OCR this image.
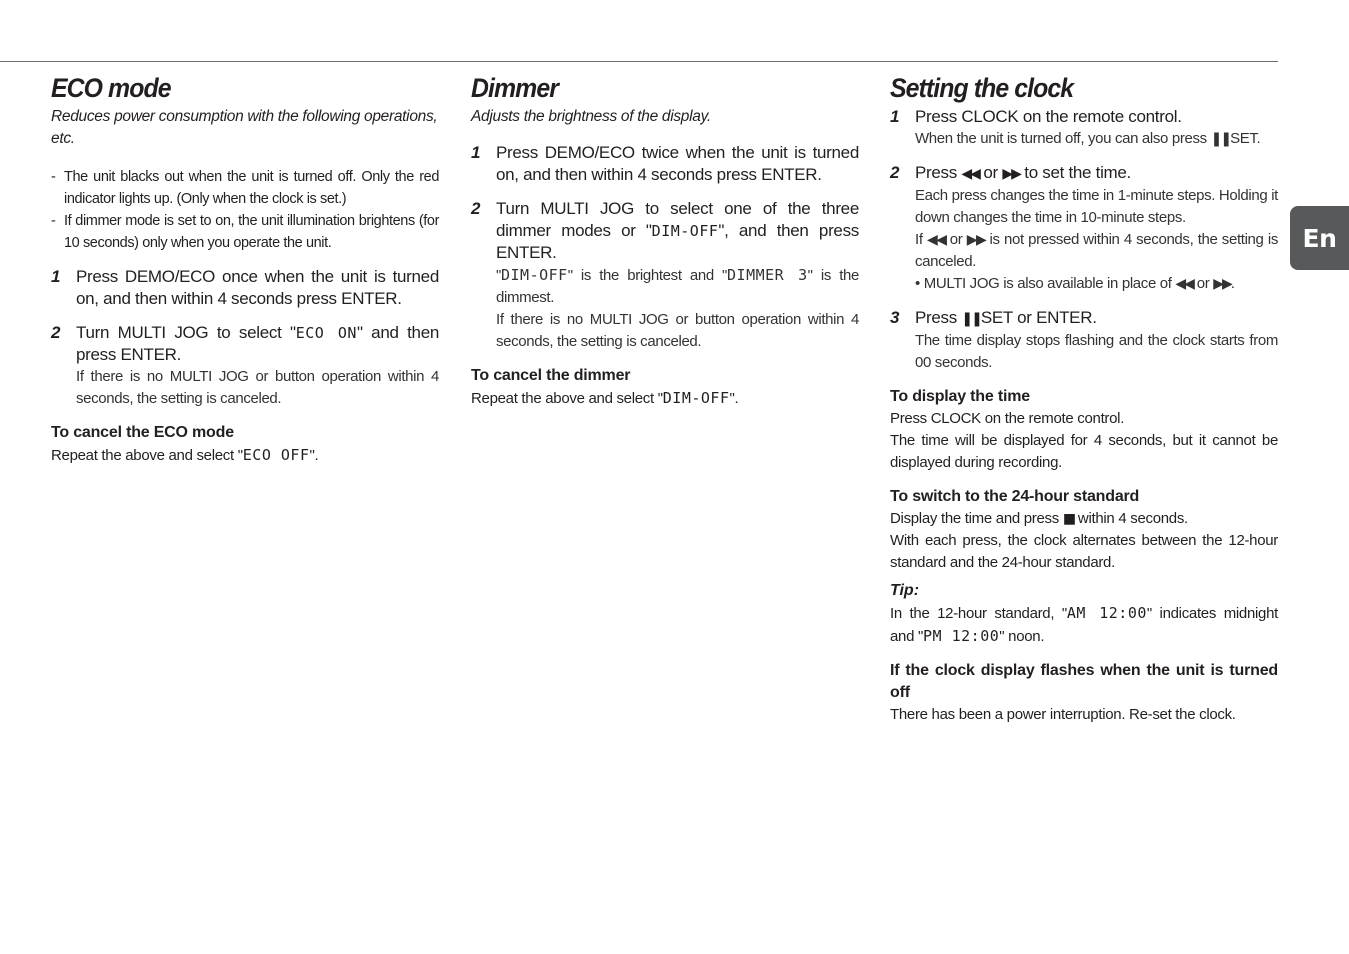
En
ECO mode

Reduces power consumption with the following operations, etc.

- The unit blacks out when the unit is turned off. Only the red indicator lights up. (Only when the clock is set.)
- If dimmer mode is set to on, the unit illumination brightens (for 10 seconds) only when you operate the unit.
1 Press DEMO/ECO once when the unit is turned on, and then within 4 seconds press ENTER.
2 Turn MULTI JOG to select "ECO ON" and then press ENTER.
If there is no MULTI JOG or button operation within 4 seconds, the setting is canceled.
To cancel the ECO mode
Repeat the above and select "ECO OFF".
Dimmer

Adjusts the brightness of the display.

1 Press DEMO/ECO twice when the unit is turned on, and then within 4 seconds press ENTER.
2 Turn MULTI JOG to select one of the three dimmer modes or "DIM-OFF", and then press ENTER.
"DIM-OFF" is the brightest and "DIMMER 3" is the dimmest.
If there is no MULTI JOG or button operation within 4 seconds, the setting is canceled.
To cancel the dimmer
Repeat the above and select "DIM-OFF".
Setting the clock
1 Press CLOCK on the remote control.
When the unit is turned off, you can also press ❚❚SET.
2 Press ◀◀ or ▶▶ to set the time.
Each press changes the time in 1-minute steps. Holding it down changes the time in 10-minute steps.
If ◀◀ or ▶▶ is not pressed within 4 seconds, the setting is canceled.
• MULTI JOG is also available in place of ◀◀ or ▶▶.
3 Press ❚❚SET or ENTER.
The time display stops flashing and the clock starts from 00 seconds.
To display the time
Press CLOCK on the remote control.
The time will be displayed for 4 seconds, but it cannot be displayed during recording.
To switch to the 24-hour standard
Display the time and press ■ within 4 seconds.
With each press, the clock alternates between the 12-hour standard and the 24-hour standard.
Tip:
In the 12-hour standard, "AM 12:00" indicates midnight and "PM 12:00" noon.
If the clock display flashes when the unit is turned off
There has been a power interruption. Re-set the clock.
